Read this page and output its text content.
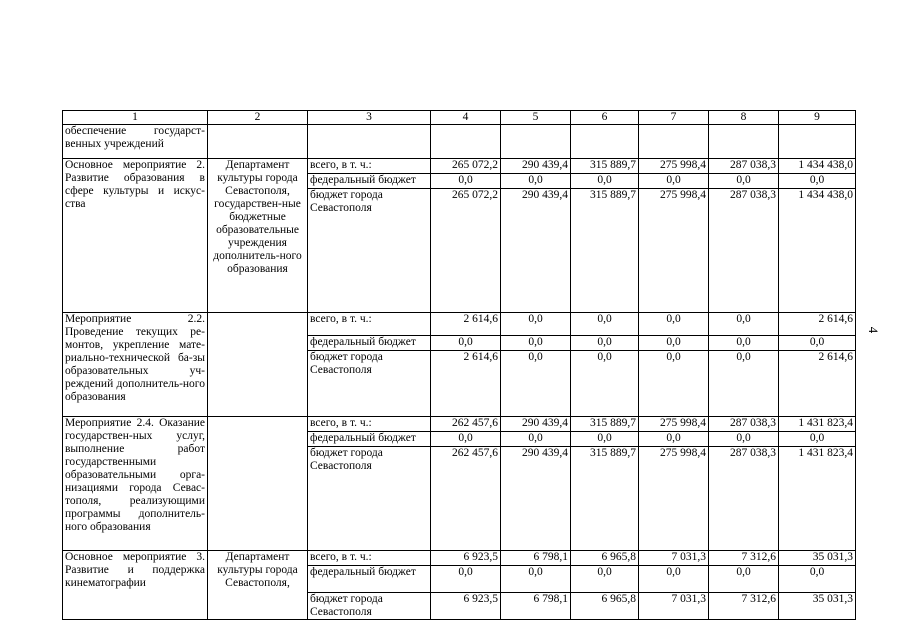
1	2	3	4	5	6	7	8	9
обеспечение государст-венных учреждений								
Основное мероприятие 2. Развитие образования в сфере культуры и искус-ства	Департамент культуры города Севастополя, государствен-ные бюджетные образовательные учреждения дополнитель-ного образования	всего, в т. ч.:	265 072,2	290 439,4	315 889,7	275 998,4	287 038,3	1 434 438,0
		федеральный бюджет	0,0	0,0	0,0	0,0	0,0	0,0
		бюджет города Севастополя	265 072,2	290 439,4	315 889,7	275 998,4	287 038,3	1 434 438,0
Мероприятие 2.2. Проведение текущих ре-монтов, укрепление мате-риально-технической ба-зы образовательных уч-реждений дополнитель-ного образования		всего, в т. ч.:	2 614,6	0,0	0,0	0,0	0,0	2 614,6
		федеральный бюджет	0,0	0,0	0,0	0,0	0,0	0,0
		бюджет города Севастополя	2 614,6	0,0	0,0	0,0	0,0	2 614,6
Мероприятие 2.4. Оказание государствен-ных услуг, выполнение работ государственными образовательными орга-низациями города Севас-тополя, реализующими программы дополнитель-ного образования		всего, в т. ч.:	262 457,6	290 439,4	315 889,7	275 998,4	287 038,3	1 431 823,4
		федеральный бюджет	0,0	0,0	0,0	0,0	0,0	0,0
		бюджет города Севастополя	262 457,6	290 439,4	315 889,7	275 998,4	287 038,3	1 431 823,4
Основное мероприятие 3. Развитие и поддержка кинематографии	Департамент культуры города Севастополя,	всего, в т. ч.:	6 923,5	6 798,1	6 965,8	7 031,3	7 312,6	35 031,3
		федеральный бюджет	0,0	0,0	0,0	0,0	0,0	0,0
		бюджет города Севастополя	6 923,5	6 798,1	6 965,8	7 031,3	7 312,6	35 031,3
4
